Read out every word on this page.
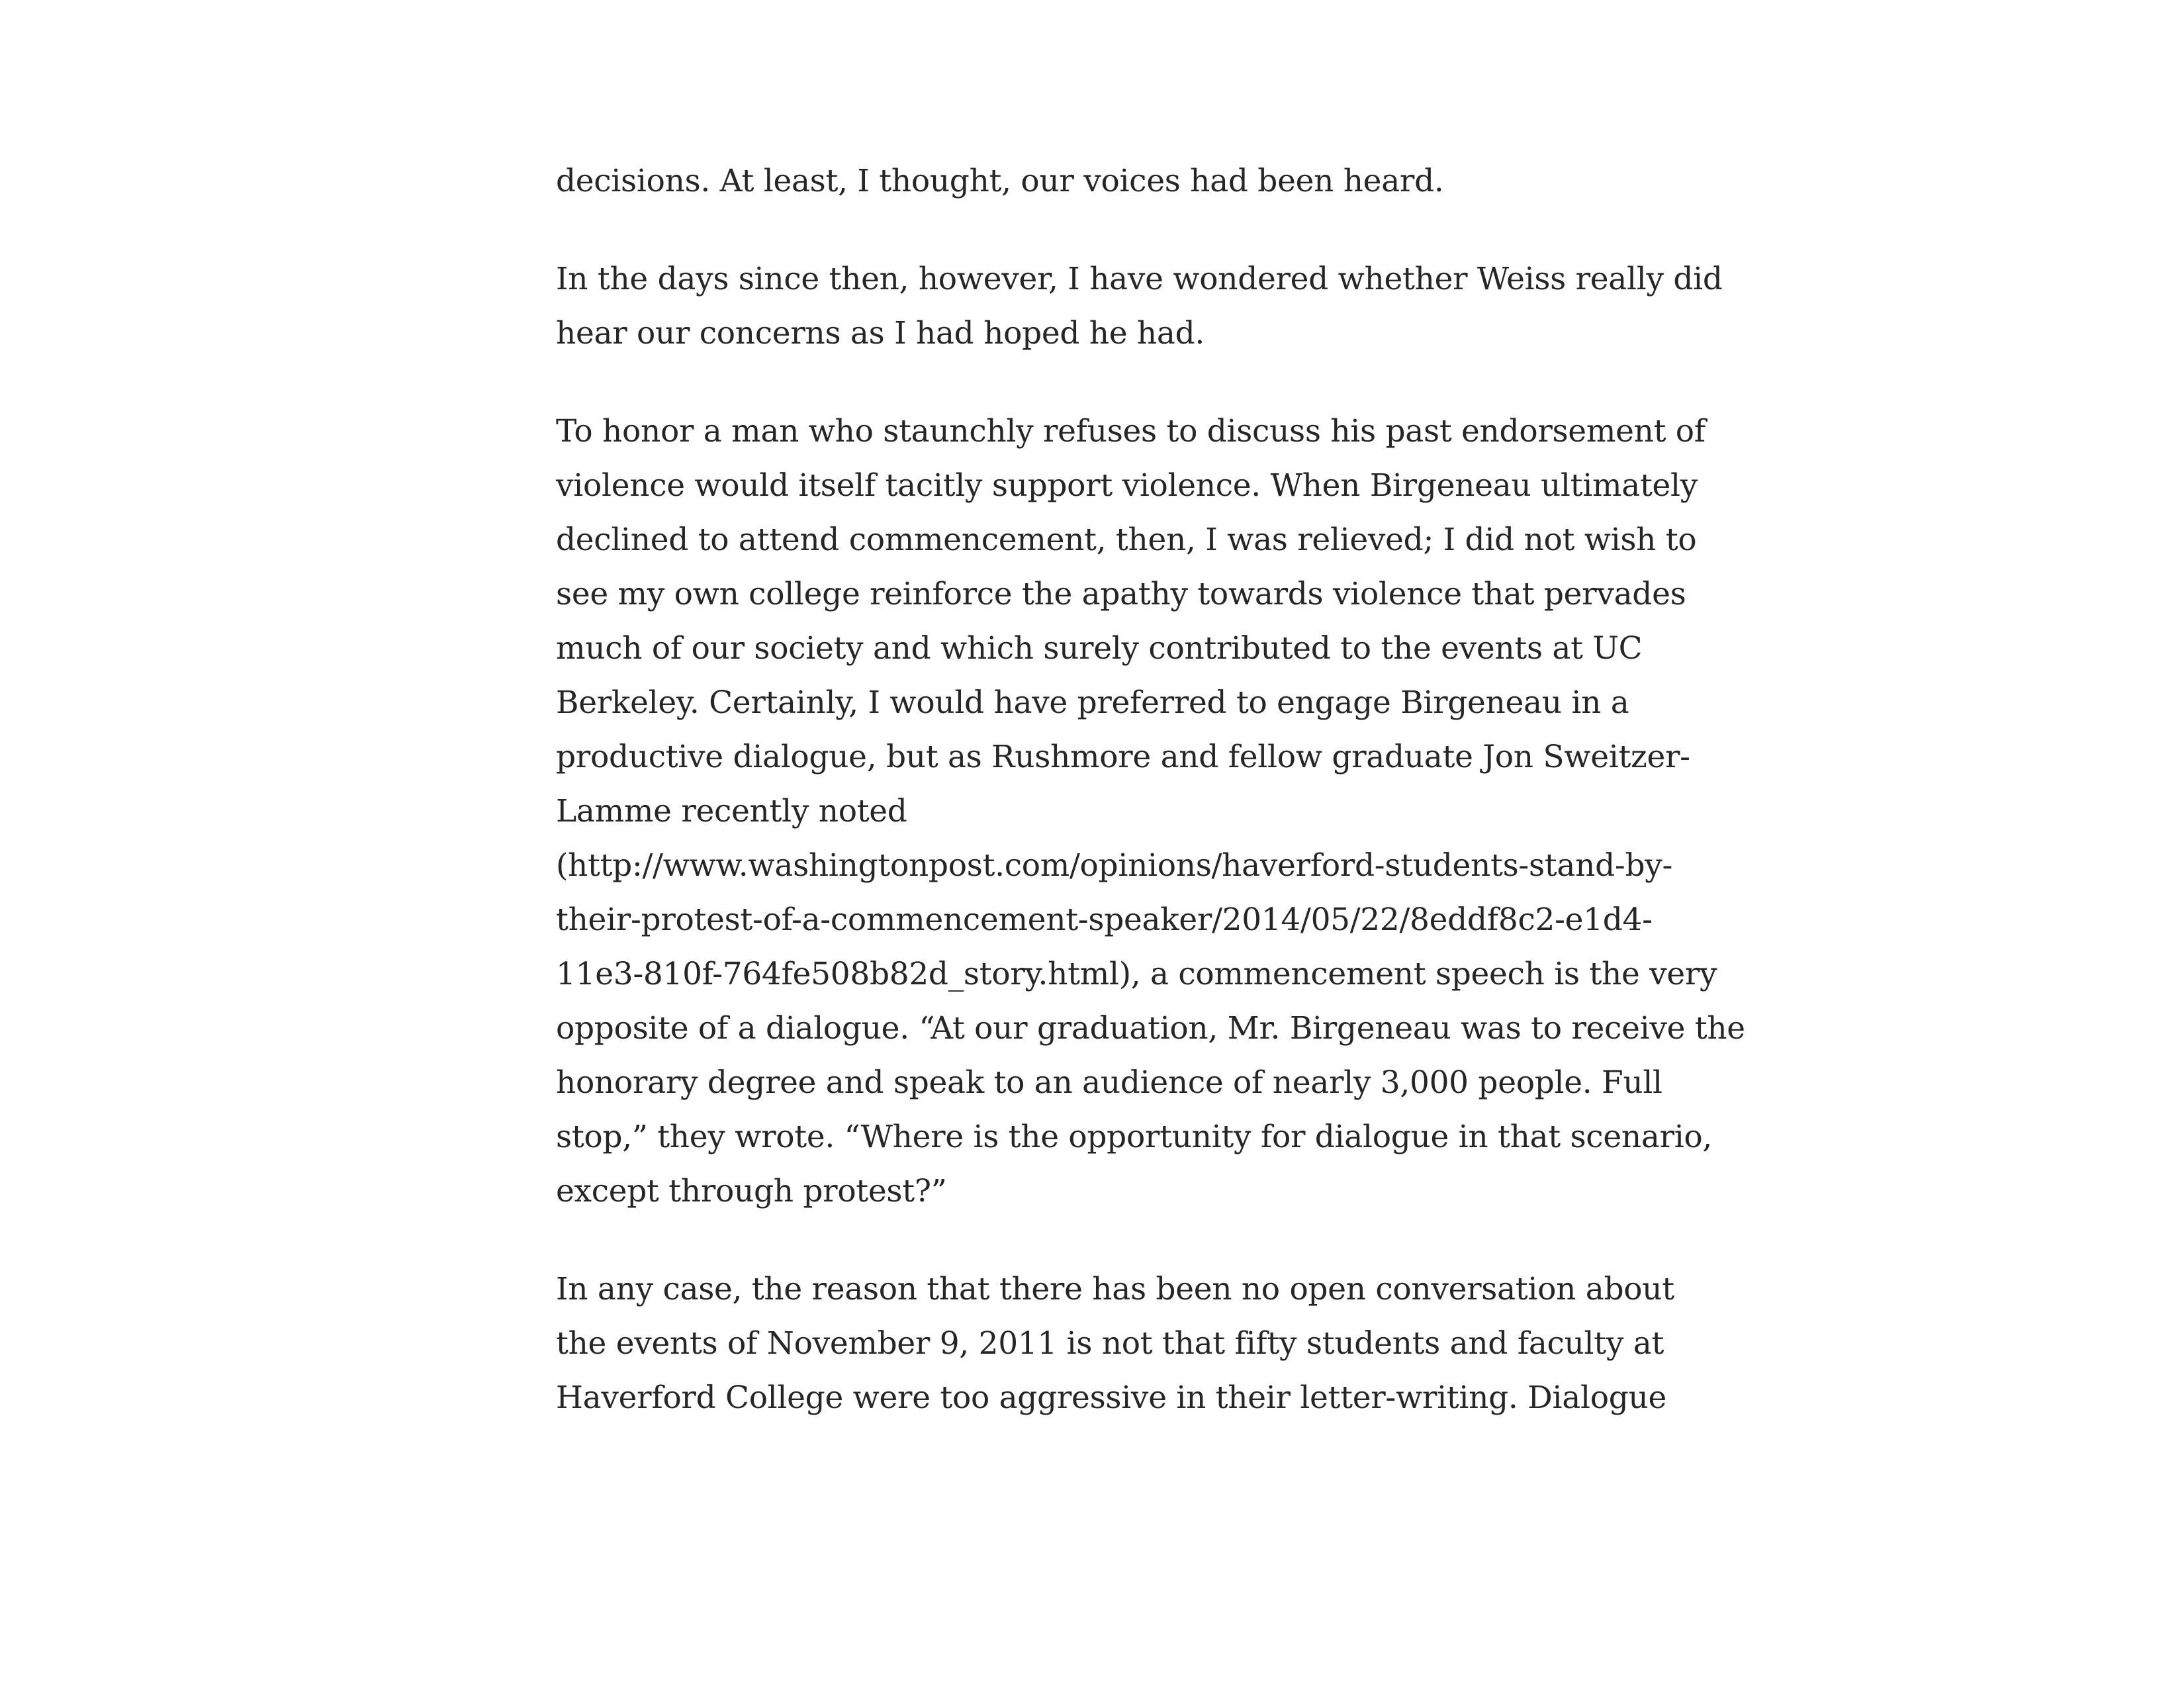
decisions. At least, I thought, our voices had been heard.

In the days since then, however, I have wondered whether Weiss really did
hear our concerns as I had hoped he had.

To honor a man who staunchly refuses to discuss his past endorsement of
violence would itself tacitly support violence. When Birgeneau ultimately
declined to attend commencement, then, I was relieved; I did not wish to
see my own college reinforce the apathy towards violence that pervades
much of our society and which surely contributed to the events at UC
Berkeley. Certainly, I would have preferred to engage Birgeneau in a
productive dialogue, but as Rushmore and fellow graduate Jon Sweitzer-
Lamme recently noted
(http://www.washingtonpost.com/opinions/haverford-students-stand-by-
their-protest-of-a-commencement-speaker/2014/05/22/8eddf8c2-e1d4-
11e3-810f-764fe508b82d_story.html), a commencement speech is the very
opposite of a dialogue. “At our graduation, Mr. Birgeneau was to receive the
honorary degree and speak to an audience of nearly 3,000 people. Full
stop,” they wrote. “Where is the opportunity for dialogue in that scenario,
except through protest?”

In any case, the reason that there has been no open conversation about
the events of November 9, 2011 is not that fifty students and faculty at
Haverford College were too aggressive in their letter-writing. Dialogue
